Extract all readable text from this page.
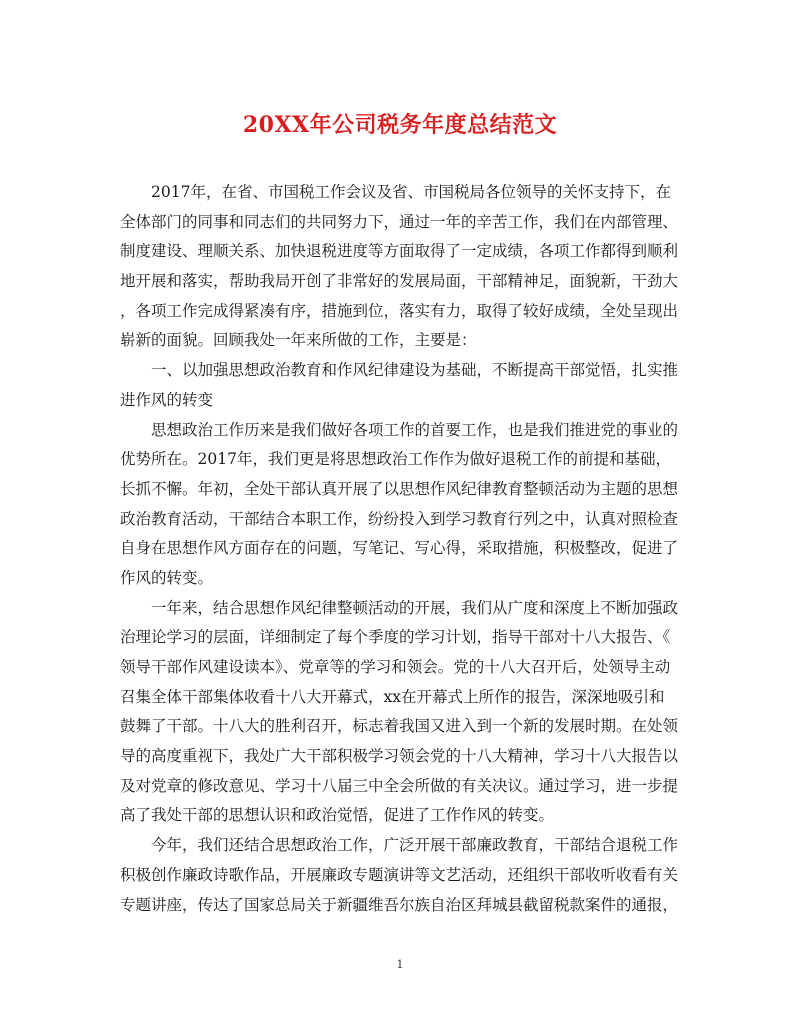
20XX年公司税务年度总结范文
　　2017年，在省、市国税工作会议及省、市国税局各位领导的关怀支持下，在
全体部门的同事和同志们的共同努力下，通过一年的辛苦工作，我们在内部管理、
制度建设、理顺关系、加快退税进度等方面取得了一定成绩，各项工作都得到顺利
地开展和落实，帮助我局开创了非常好的发展局面，干部精神足，面貌新，干劲大
，各项工作完成得紧凑有序，措施到位，落实有力，取得了较好成绩，全处呈现出
崭新的面貌。回顾我处一年来所做的工作，主要是：
　　一、以加强思想政治教育和作风纪律建设为基础，不断提高干部觉悟，扎实推
进作风的转变
　　思想政治工作历来是我们做好各项工作的首要工作，也是我们推进党的事业的
优势所在。2017年，我们更是将思想政治工作作为做好退税工作的前提和基础，
长抓不懈。年初，全处干部认真开展了以思想作风纪律教育整顿活动为主题的思想
政治教育活动，干部结合本职工作，纷纷投入到学习教育行列之中，认真对照检查
自身在思想作风方面存在的问题，写笔记、写心得，采取措施，积极整改，促进了
作风的转变。
　　一年来，结合思想作风纪律整顿活动的开展，我们从广度和深度上不断加强政
治理论学习的层面，详细制定了每个季度的学习计划，指导干部对十八大报告、《
领导干部作风建设读本》、党章等的学习和领会。党的十八大召开后，处领导主动
召集全体干部集体收看十八大开幕式，xx在开幕式上所作的报告，深深地吸引和
鼓舞了干部。十八大的胜利召开，标志着我国又进入到一个新的发展时期。在处领
导的高度重视下，我处广大干部积极学习领会党的十八大精神，学习十八大报告以
及对党章的修改意见、学习十八届三中全会所做的有关决议。通过学习，进一步提
高了我处干部的思想认识和政治觉悟，促进了工作作风的转变。
　　今年，我们还结合思想政治工作，广泛开展干部廉政教育，干部结合退税工作
积极创作廉政诗歌作品，开展廉政专题演讲等文艺活动，还组织干部收听收看有关
专题讲座，传达了国家总局关于新疆维吾尔族自治区拜城县截留税款案件的通报，
1
